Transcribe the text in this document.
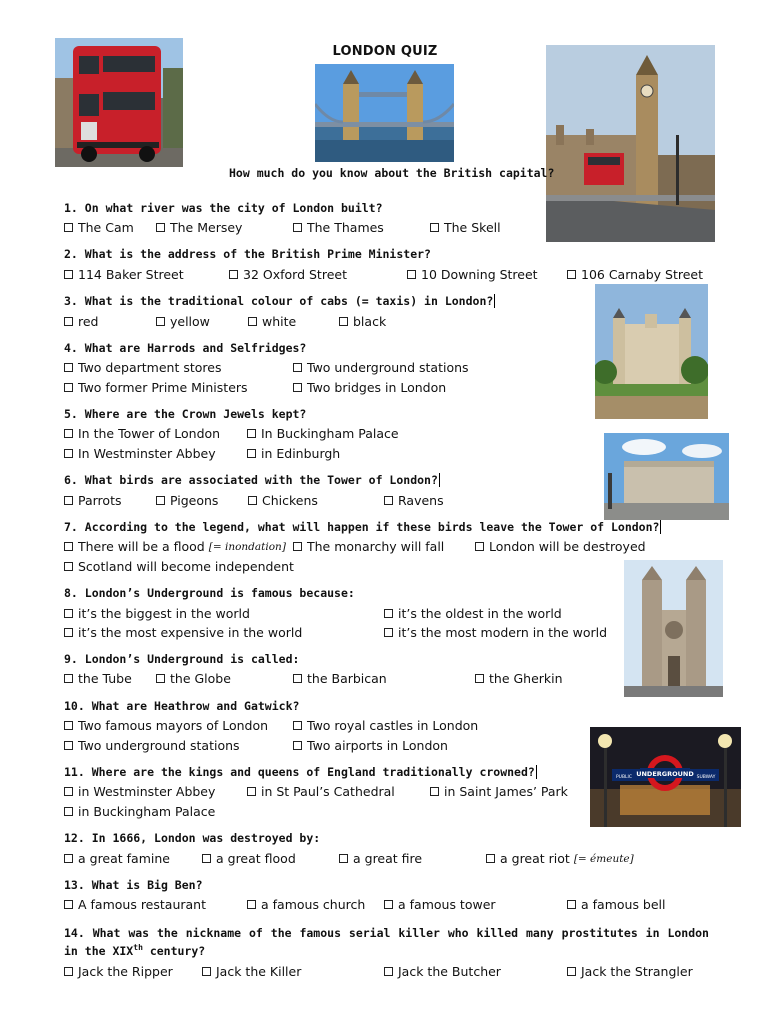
UNDERGROUND
PUBLIC	SUBWAY
LONDON QUIZ
How much do you know about the British capital?
1. On what river was the city of London built?
The Cam	The Mersey	The Thames	The Skell
2. What is the address of the British Prime Minister?
114 Baker Street	32 Oxford Street	10 Downing Street	106 Carnaby Street
3. What is the traditional colour of cabs (= taxis) in London?
red	yellow	white	black
4. What are Harrods and Selfridges?
Two department stores	Two underground stations
Two former Prime Ministers	Two bridges in London
5. Where are the Crown Jewels kept?
In the Tower of London	In Buckingham Palace
In Westminster Abbey	in Edinburgh
6. What birds are associated with the Tower of London?
Parrots	Pigeons	Chickens	Ravens
7. According to the legend, what will happen if these birds leave the Tower of London?
There will be a flood [= inondation] The monarchy will fall	London will be destroyed
Scotland will become independent
8. London’s Underground is famous because:
it’s the biggest in the world	it’s the oldest in the world
it’s the most expensive in the world	it’s the most modern in the world
9. London’s Underground is called:
the Tube	the Globe	the Barbican	the Gherkin
10. What are Heathrow and Gatwick?
Two famous mayors of London	Two royal castles in London
Two underground stations	Two airports in London
11. Where are the kings and queens of England traditionally crowned?
in Westminster Abbey	in St Paul’s Cathedral	in Saint James’ Park
in Buckingham Palace
12. In 1666, London was destroyed by:
a great famine	a great flood	a great fire	a great riot [= émeute]
13. What is Big Ben?
A famous restaurant	a famous church	a famous tower	a famous bell
14. What was the nickname of the famous serial killer who killed many prostitutes in London in the XIXth century?
Jack the Ripper	Jack the Killer	Jack the Butcher	Jack the Strangler
